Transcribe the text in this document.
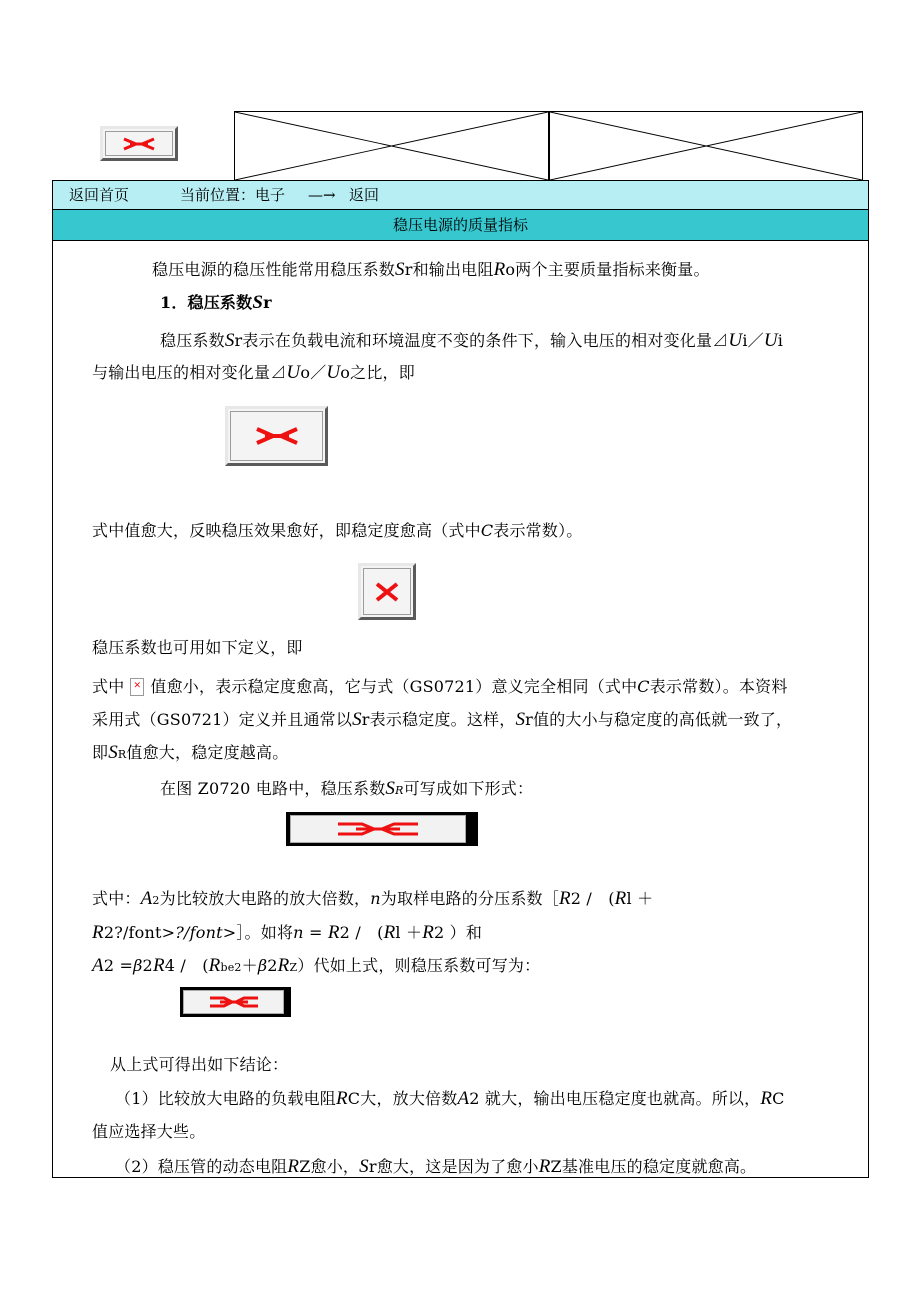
返回首页	当前位置：电子 —→ 返回
稳压电源的质量指标
稳压电源的稳压性能常用稳压系数Sr和输出电阻Ro两个主要质量指标来衡量。
1．稳压系数Sr
稳压系数Sr表示在负载电流和环境温度不变的条件下，输入电压的相对变化量⊿Ui／Ui
与输出电压的相对变化量⊿Uo／Uo之比，即
式中值愈大，反映稳压效果愈好，即稳定度愈高（式中C表示常数）。
稳压系数也可用如下定义，即
式中 ✕ 值愈小，表示稳定度愈高，它与式（GS0721）意义完全相同（式中C表示常数）。本资料
采用式（GS0721）定义并且通常以Sr表示稳定度。这样，Sr值的大小与稳定度的高低就一致了，
即SR值愈大，稳定度越高。
在图 Z0720 电路中，稳压系数SR可写成如下形式：
式中：A2为比较放大电路的放大倍数，n为取样电路的分压系数［R2 /　(Rl ＋
R2?/font>?/font>］。如将n = R2 /　(Rl ＋R2 ）和
A2 =β2R4 /　(Rbe2＋β2RZ）代如上式，则稳压系数可写为：
从上式可得出如下结论：
（1）比较放大电路的负载电阻RC大，放大倍数A2 就大，输出电压稳定度也就高。所以，RC
值应选择大些。
（2）稳压管的动态电阻RZ愈小，Sr愈大，这是因为了愈小RZ基准电压的稳定度就愈高。
